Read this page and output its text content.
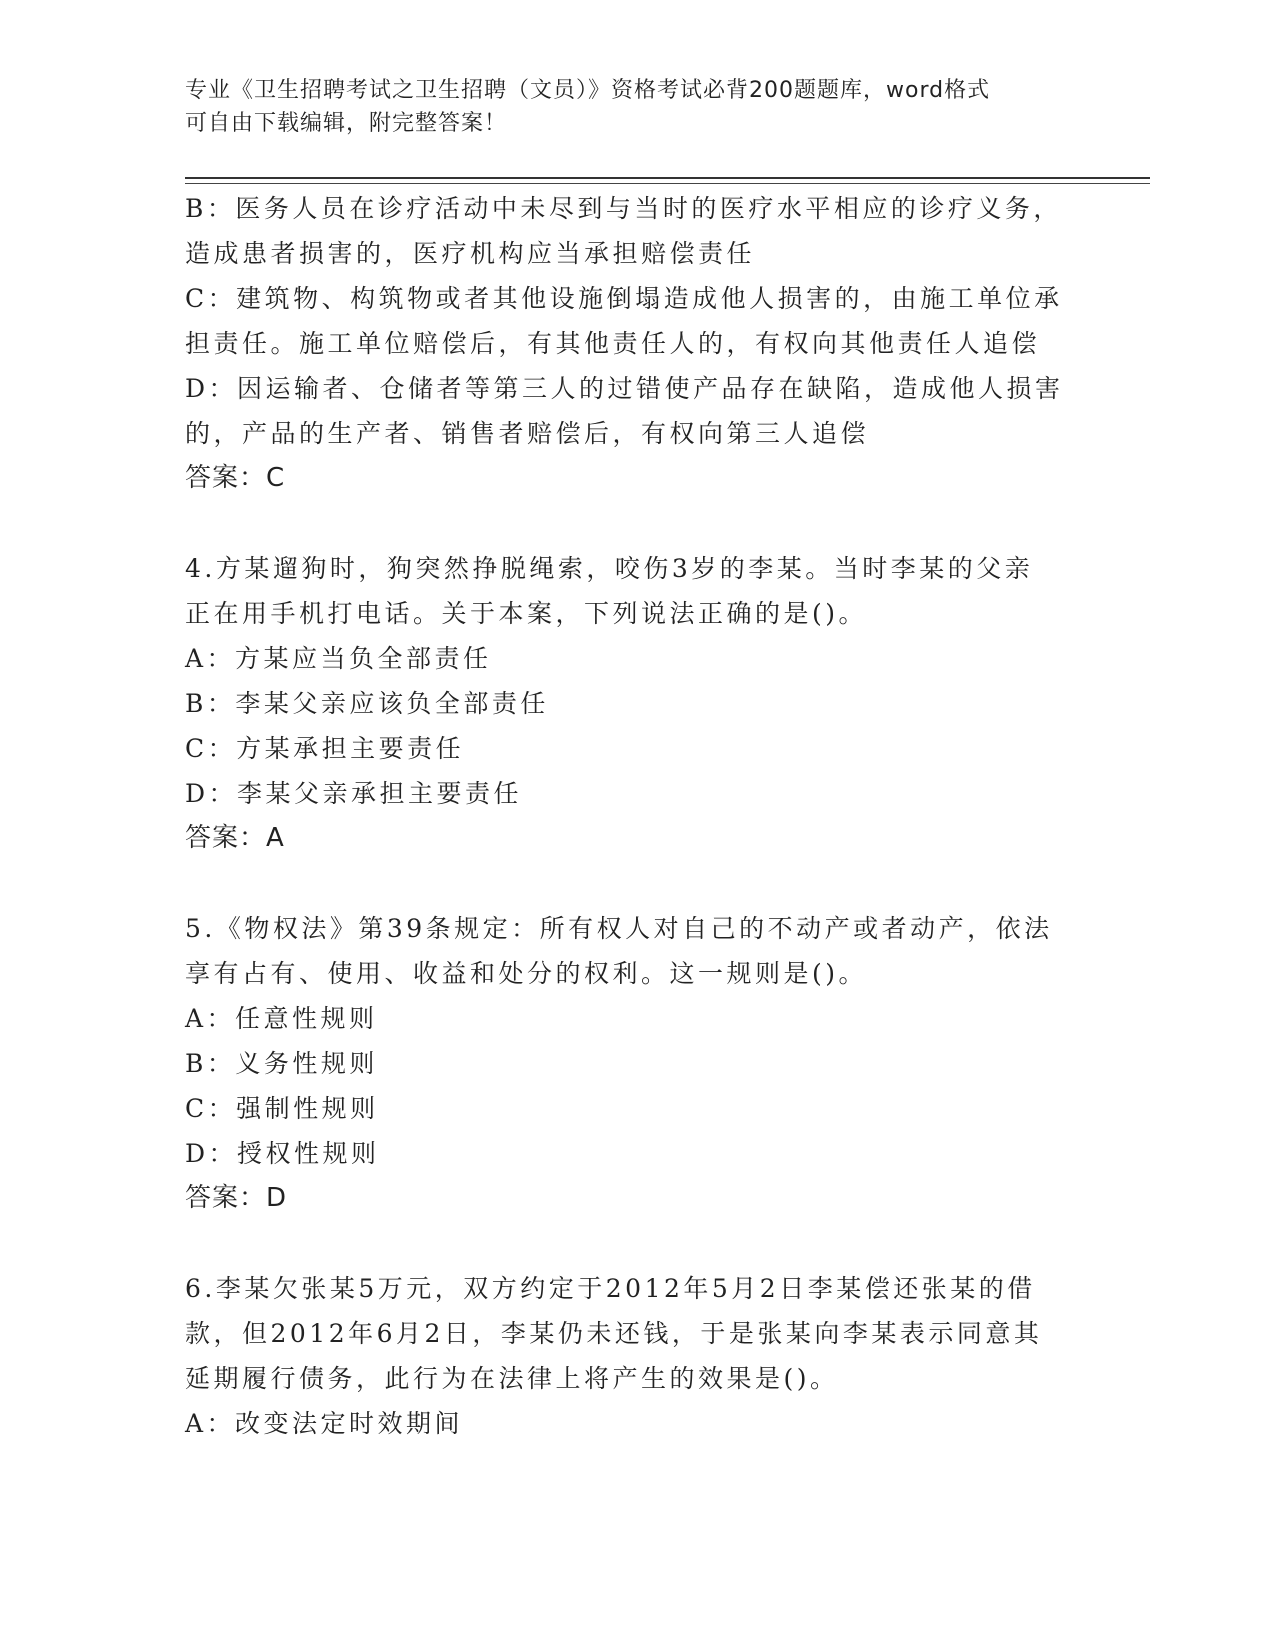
专业《卫生招聘考试之卫生招聘（文员）》资格考试必背200题题库，word格式
可自由下载编辑，附完整答案！
B：医务人员在诊疗活动中未尽到与当时的医疗水平相应的诊疗义务，
造成患者损害的，医疗机构应当承担赔偿责任
C：建筑物、构筑物或者其他设施倒塌造成他人损害的，由施工单位承
担责任。施工单位赔偿后，有其他责任人的，有权向其他责任人追偿
D：因运输者、仓储者等第三人的过错使产品存在缺陷，造成他人损害
的，产品的生产者、销售者赔偿后，有权向第三人追偿
答案：C
4.方某遛狗时，狗突然挣脱绳索，咬伤3岁的李某。当时李某的父亲
正在用手机打电话。关于本案，下列说法正确的是()。
A：方某应当负全部责任
B：李某父亲应该负全部责任
C：方某承担主要责任
D：李某父亲承担主要责任
答案：A
5.《物权法》第39条规定：所有权人对自己的不动产或者动产，依法
享有占有、使用、收益和处分的权利。这一规则是()。
A：任意性规则
B：义务性规则
C：强制性规则
D：授权性规则
答案：D
6.李某欠张某5万元，双方约定于2012年5月2日李某偿还张某的借
款，但2012年6月2日，李某仍未还钱，于是张某向李某表示同意其
延期履行债务，此行为在法律上将产生的效果是()。
A：改变法定时效期间
